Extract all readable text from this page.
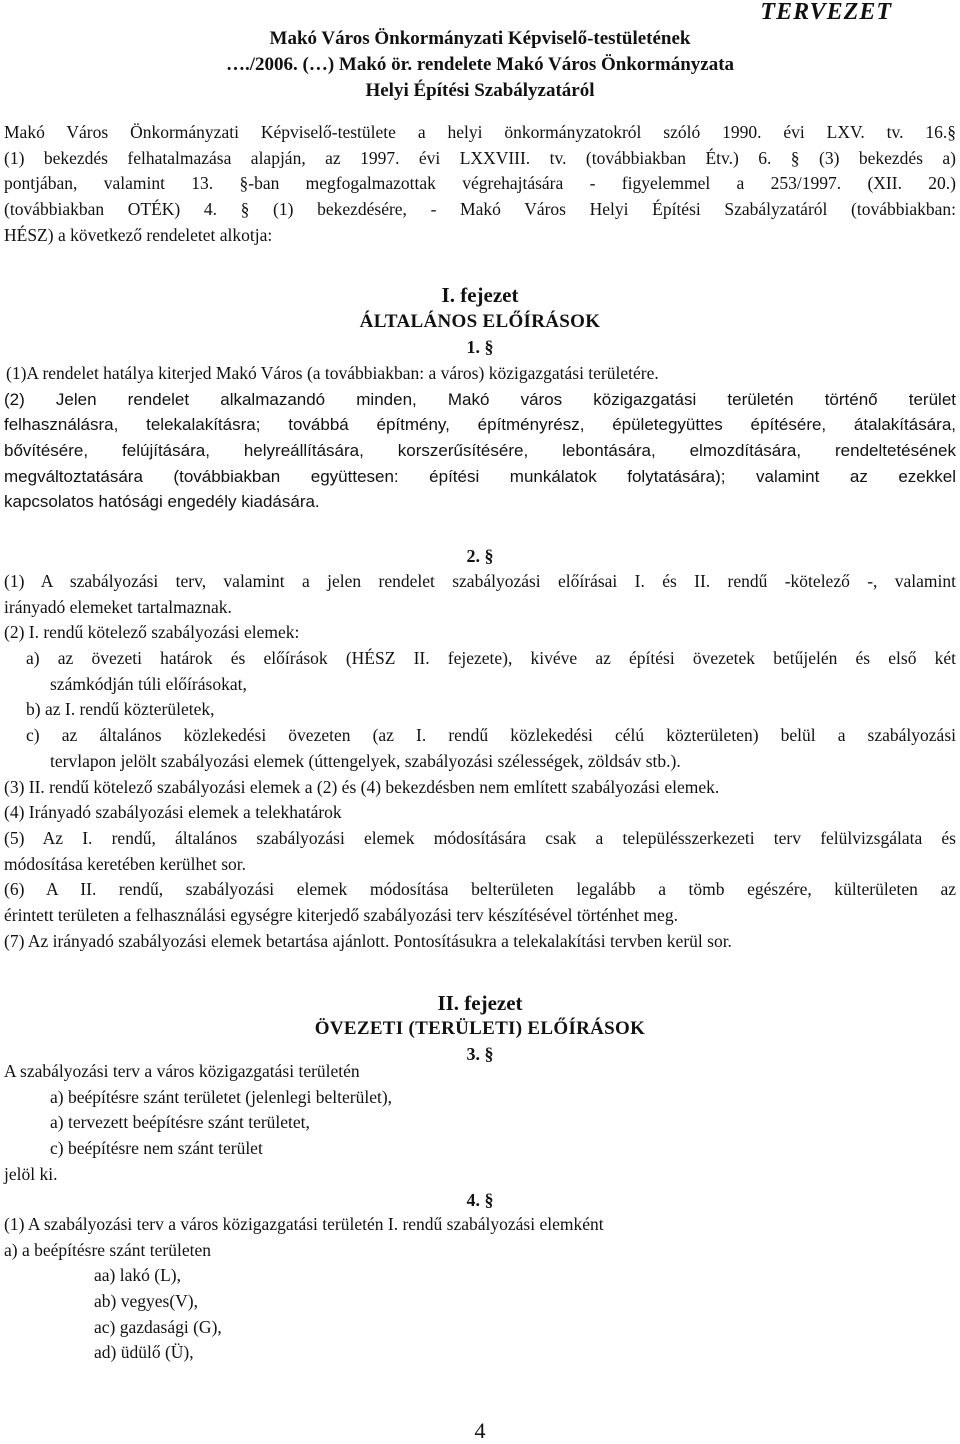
TERVEZET
Makó Város Önkormányzati Képviselő-testületének
…./2006. (…) Makó ör. rendelete Makó Város Önkormányzata
Helyi Építési Szabályzatáról
Makó Város Önkormányzati Képviselő-testülete a helyi önkormányzatokról szóló 1990. évi LXV. tv. 16.§
(1) bekezdés felhatalmazása alapján, az 1997. évi LXXVIII. tv. (továbbiakban Étv.) 6. § (3) bekezdés a)
pontjában, valamint 13. §-ban megfogalmazottak végrehajtására - figyelemmel a 253/1997. (XII. 20.)
(továbbiakban OTÉK) 4. § (1) bekezdésére, - Makó Város Helyi Építési Szabályzatáról (továbbiakban:
HÉSZ) a következő rendeletet alkotja:
I. fejezet
ÁLTALÁNOS ELŐÍRÁSOK
1. §
(1)A rendelet hatálya kiterjed Makó Város (a továbbiakban: a város) közigazgatási területére.
(2) Jelen rendelet alkalmazandó minden, Makó város közigazgatási területén történő terület
felhasználásra, telekalakításra; továbbá építmény, építményrész, épületegyüttes építésére, átalakítására,
bővítésére, felújítására, helyreállítására, korszerűsítésére, lebontására, elmozdítására, rendeltetésének
megváltoztatására (továbbiakban együttesen: építési munkálatok folytatására); valamint az ezekkel
kapcsolatos hatósági engedély kiadására.
2. §
(1) A szabályozási terv, valamint a jelen rendelet szabályozási előírásai I. és II. rendű -kötelező -, valamint
irányadó elemeket tartalmaznak.
(2) I. rendű kötelező szabályozási elemek:
a) az övezeti határok és előírások (HÉSZ II. fejezete), kivéve az építési övezetek betűjelén és első két
számkódján túli előírásokat,
b) az I. rendű közterületek,
c) az általános közlekedési övezeten (az I. rendű közlekedési célú közterületen) belül a szabályozási
tervlapon jelölt szabályozási elemek (úttengelyek, szabályozási szélességek, zöldsáv stb.).
(3) II. rendű kötelező szabályozási elemek a (2) és (4) bekezdésben nem említett szabályozási elemek.
(4) Irányadó szabályozási elemek a telekhatárok
(5) Az I. rendű, általános szabályozási elemek módosítására csak a településszerkezeti terv felülvizsgálata és
módosítása keretében kerülhet sor.
(6) A II. rendű, szabályozási elemek módosítása belterületen legalább a tömb egészére, külterületen az
érintett területen a felhasználási egységre kiterjedő szabályozási terv készítésével történhet meg.
(7) Az irányadó szabályozási elemek betartása ajánlott. Pontosításukra a telekalakítási tervben kerül sor.
II. fejezet
ÖVEZETI (TERÜLETI) ELŐÍRÁSOK
3. §
A szabályozási terv a város közigazgatási területén
a) beépítésre szánt területet (jelenlegi belterület),
a) tervezett beépítésre szánt területet,
c) beépítésre nem szánt terület
jelöl ki.
4. §
(1) A szabályozási terv a város közigazgatási területén I. rendű szabályozási elemként
a) a beépítésre szánt területen
aa) lakó (L),
ab) vegyes(V),
ac) gazdasági (G),
ad) üdülő (Ü),
4
